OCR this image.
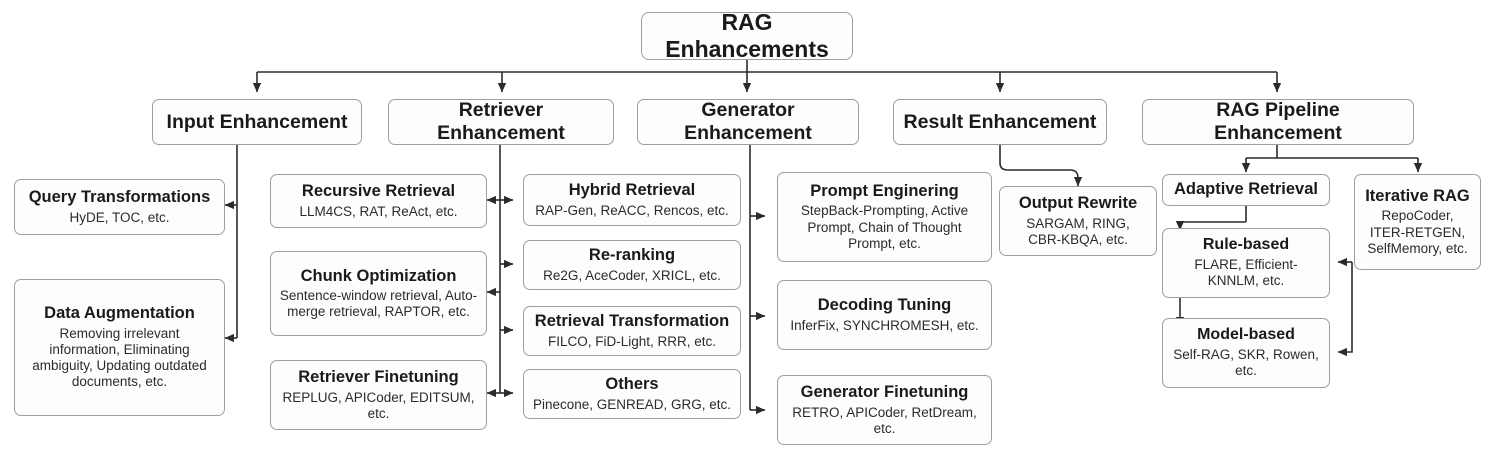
RAG Enhancements
Input Enhancement
Retriever Enhancement
Generator Enhancement
Result Enhancement
RAG Pipeline Enhancement
Query Transformations
HyDE, TOC, etc.
Data Augmentation
Removing irrelevant information, Eliminating ambiguity, Updating outdated documents, etc.
Recursive Retrieval
LLM4CS, RAT, ReAct, etc.
Chunk Optimization
Sentence-window retrieval, Auto-merge retrieval, RAPTOR, etc.
Retriever Finetuning
REPLUG, APICoder, EDITSUM, etc.
Hybrid Retrieval
RAP-Gen, ReACC, Rencos, etc.
Re-ranking
Re2G, AceCoder, XRICL, etc.
Retrieval Transformation
FILCO, FiD-Light, RRR, etc.
Others
Pinecone, GENREAD, GRG, etc.
Prompt Enginering
StepBack-Prompting, Active Prompt, Chain of Thought Prompt, etc.
Decoding Tuning
InferFix, SYNCHROMESH, etc.
Generator Finetuning
RETRO, APICoder, RetDream, etc.
Output Rewrite
SARGAM, RING, CBR-KBQA, etc.
Adaptive Retrieval
Rule-based
FLARE, Efficient-KNNLM, etc.
Model-based
Self-RAG, SKR, Rowen, etc.
Iterative RAG
RepoCoder, ITER-RETGEN, SelfMemory, etc.
